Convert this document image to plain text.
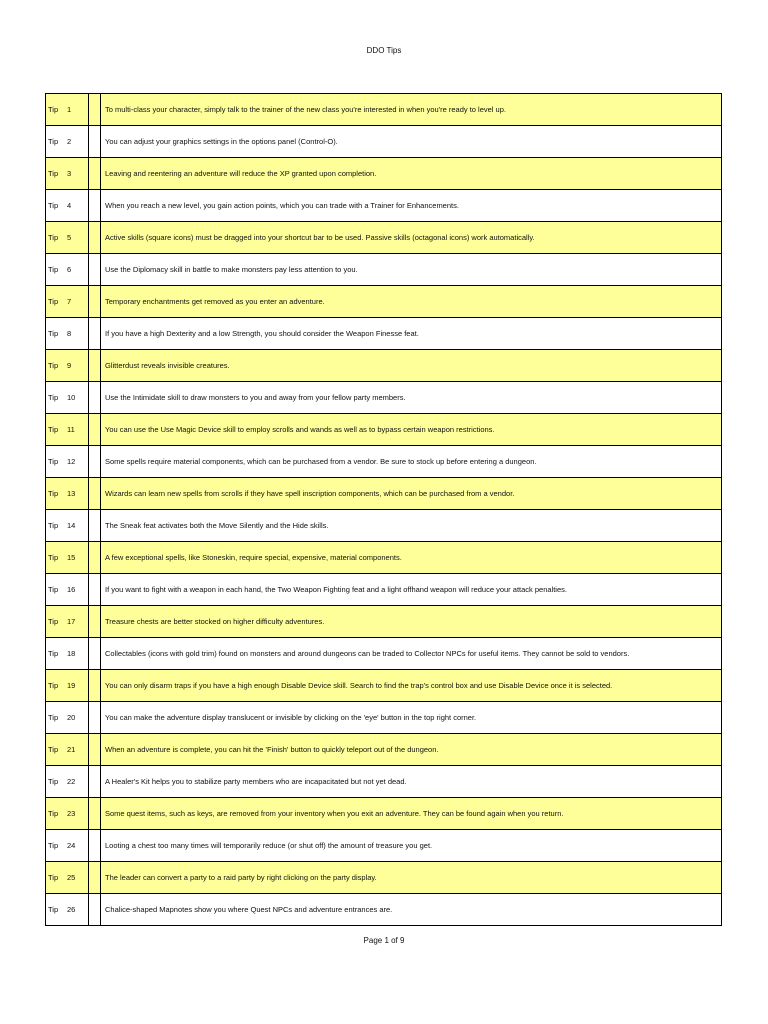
DDO Tips
Tip 1		To multi-class your character, simply talk to the trainer of the new class you're interested in when you're ready to level up.
Tip 2		You can adjust your graphics settings in the options panel (Control-O).
Tip 3		Leaving and reentering an adventure will reduce the XP granted upon completion.
Tip 4		When you reach a new level, you gain action points, which you can trade with a Trainer for Enhancements.
Tip 5		Active skills (square icons) must be dragged into your shortcut bar to be used. Passive skills (octagonal icons) work automatically.
Tip 6		Use the Diplomacy skill in battle to make monsters pay less attention to you.
Tip 7		Temporary enchantments get removed as you enter an adventure.
Tip 8		If you have a high Dexterity and a low Strength, you should consider the Weapon Finesse feat.
Tip 9		Glitterdust reveals invisible creatures.
Tip 10		Use the Intimidate skill to draw monsters to you and away from your fellow party members.
Tip 11		You can use the Use Magic Device skill to employ scrolls and wands as well as to bypass certain weapon restrictions.
Tip 12		Some spells require material components, which can be purchased from a vendor. Be sure to stock up before entering a dungeon.
Tip 13		Wizards can learn new spells from scrolls if they have spell inscription components, which can be purchased from a vendor.
Tip 14		The Sneak feat activates both the Move Silently and the Hide skills.
Tip 15		A few exceptional spells, like Stoneskin, require special, expensive, material components.
Tip 16		If you want to fight with a weapon in each hand, the Two Weapon Fighting feat and a light offhand weapon will reduce your attack penalties.
Tip 17		Treasure chests are better stocked on higher difficulty adventures.
Tip 18		Collectables (icons with gold trim) found on monsters and around dungeons can be traded to Collector NPCs for useful items. They cannot be sold to vendors.
Tip 19		You can only disarm traps if you have a high enough Disable Device skill. Search to find the trap's control box and use Disable Device once it is selected.
Tip 20		You can make the adventure display translucent or invisible by clicking on the 'eye' button in the top right corner.
Tip 21		When an adventure is complete, you can hit the 'Finish' button to quickly teleport out of the dungeon.
Tip 22		A Healer's Kit helps you to stabilize party members who are incapacitated but not yet dead.
Tip 23		Some quest items, such as keys, are removed from your inventory when you exit an adventure. They can be found again when you return.
Tip 24		Looting a chest too many times will temporarily reduce (or shut off) the amount of treasure you get.
Tip 25		The leader can convert a party to a raid party by right clicking on the party display.
Tip 26		Chalice-shaped Mapnotes show you where Quest NPCs and adventure entrances are.
Page 1 of 9
